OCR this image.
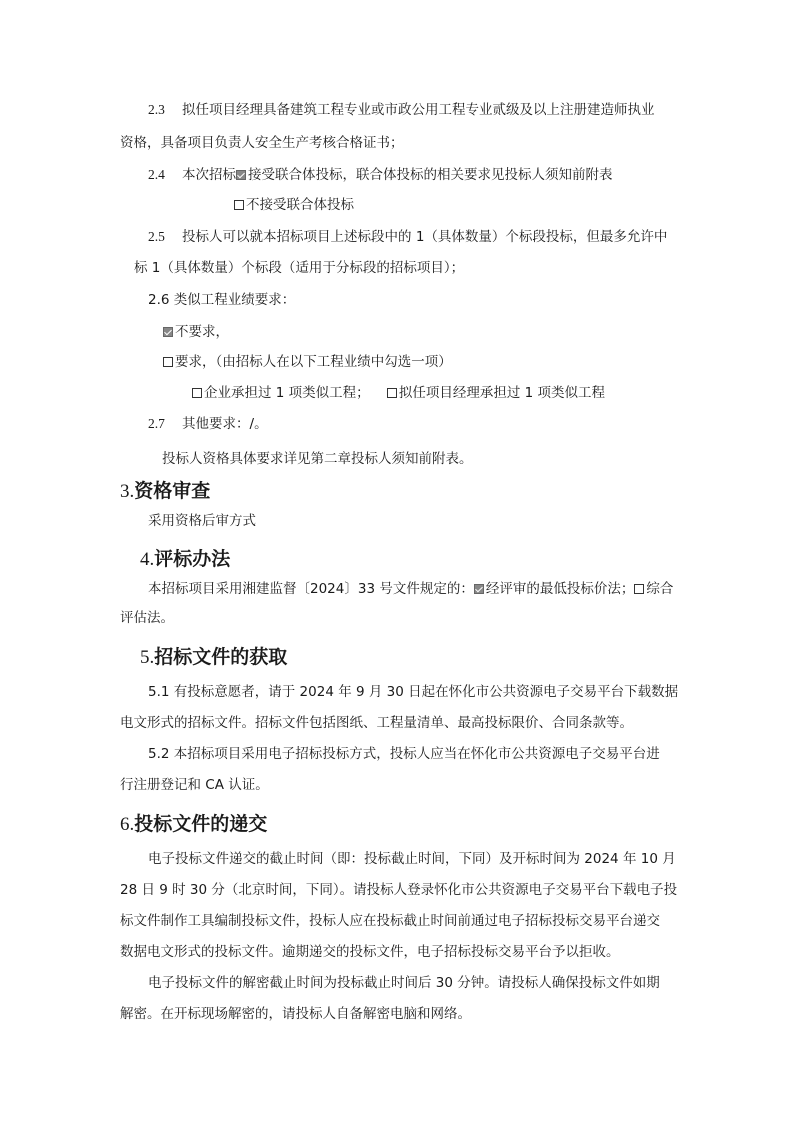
2.3 拟任项目经理具备建筑工程专业或市政公用工程专业贰级及以上注册建造师执业
资格，具备项目负责人安全生产考核合格证书；
2.4 本次招标 接受联合体投标，联合体投标的相关要求见投标人须知前附表
不接受联合体投标
2.5 投标人可以就本招标项目上述标段中的 1（具体数量）个标段投标，但最多允许中
标 1（具体数量）个标段（适用于分标段的招标项目）；
2.6 类似工程业绩要求：
不要求，
要求，（由招标人在以下工程业绩中勾选一项）
企业承担过 1 项类似工程； 拟任项目经理承担过 1 项类似工程
2.7 其他要求：/。
投标人资格具体要求详见第二章投标人须知前附表。
3.资格审查
采用资格后审方式
4.评标办法
本招标项目采用湘建监督〔2024〕33 号文件规定的： 经评审的最低投标价法； 综合
评估法。
5.招标文件的获取
5.1 有投标意愿者，请于 2024 年 9 月 30 日起在怀化市公共资源电子交易平台下载数据
电文形式的招标文件。招标文件包括图纸、工程量清单、最高投标限价、合同条款等。
5.2 本招标项目采用电子招标投标方式，投标人应当在怀化市公共资源电子交易平台进
行注册登记和 CA 认证。
6.投标文件的递交
电子投标文件递交的截止时间（即：投标截止时间，下同）及开标时间为 2024 年 10 月
28 日 9 时 30 分（北京时间，下同）。请投标人登录怀化市公共资源电子交易平台下载电子投
标文件制作工具编制投标文件，投标人应在投标截止时间前通过电子招标投标交易平台递交
数据电文形式的投标文件。逾期递交的投标文件，电子招标投标交易平台予以拒收。
电子投标文件的解密截止时间为投标截止时间后 30 分钟。请投标人确保投标文件如期
解密。在开标现场解密的，请投标人自备解密电脑和网络。
